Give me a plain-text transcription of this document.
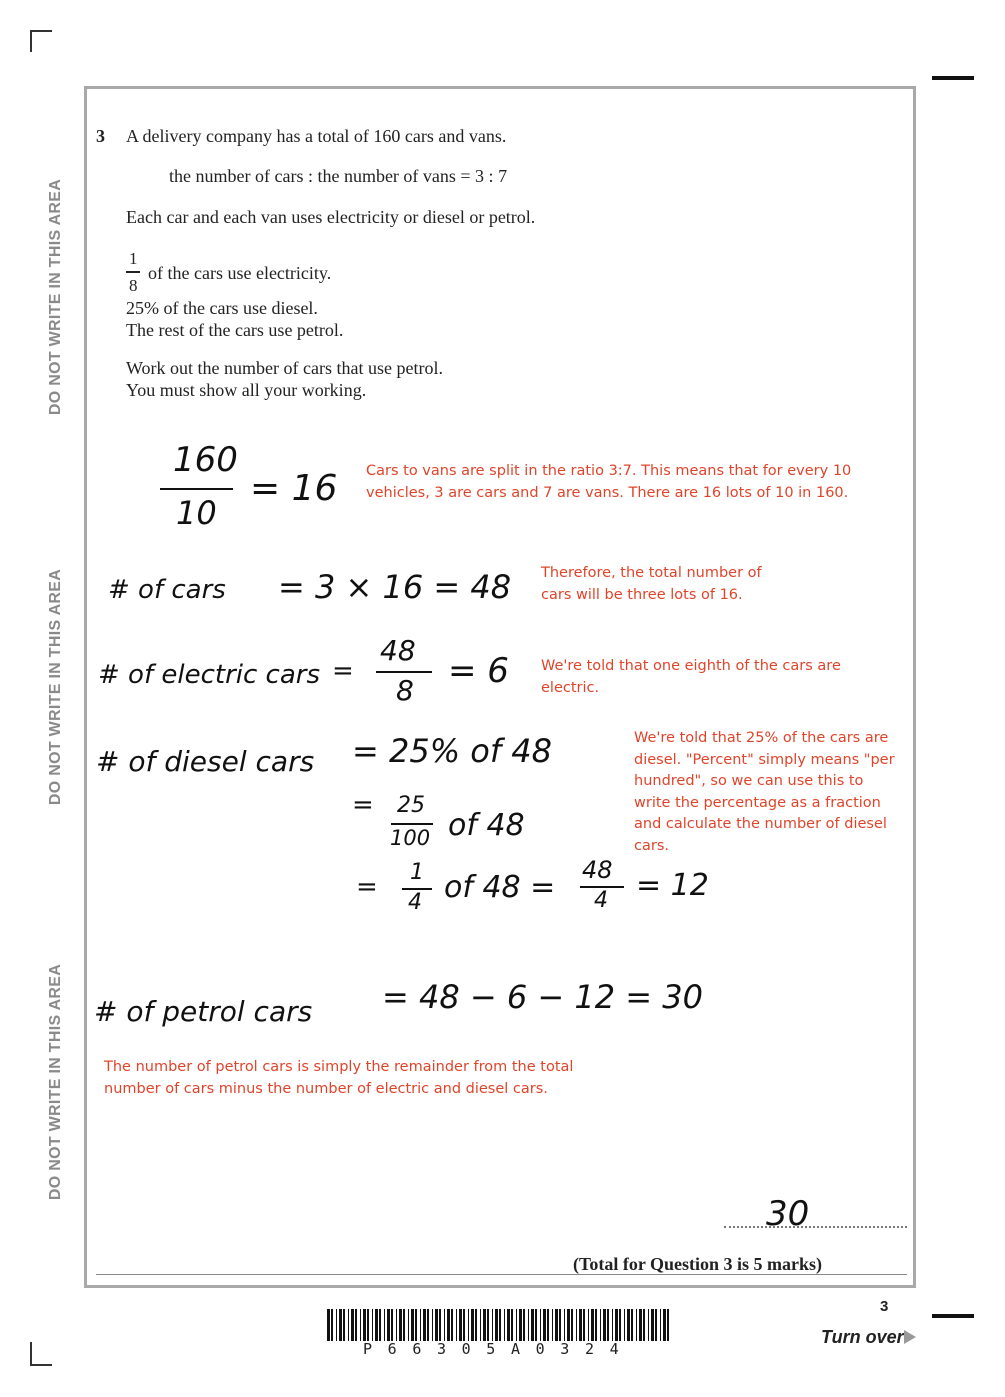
DO NOT WRITE IN THIS AREA
DO NOT WRITE IN THIS AREA
DO NOT WRITE IN THIS AREA
3 A delivery company has a total of 160 cars and vans.
the number of cars : the number of vans = 3 : 7
Each car and each van uses electricity or diesel or petrol.
1
8
of the cars use electricity.
25% of the cars use diesel.
The rest of the cars use petrol.
Work out the number of cars that use petrol.
You must show all your working.
160
10
= 16
# of cars = 3 × 16 = 48
# of electric cars =
48
8 = 6
# of diesel cars = 25% of 48
= 25
100 of 48
= 1
4 of 48 = 48
4 = 12
# of petrol cars = 48 − 6 − 12 = 30
Cars to vans are split in the ratio 3:7. This means that for every 10 vehicles, 3 are cars and 7 are vans. There are 16 lots of 10 in 160.
Therefore, the total number of cars will be three lots of 16.
We're told that one eighth of the cars are electric.
We're told that 25% of the cars are diesel. "Percent" simply means "per hundred", so we can use this to write the percentage as a fraction and calculate the number of diesel cars.
The number of petrol cars is simply the remainder from the total number of cars minus the number of electric and diesel cars.
30
(Total for Question 3 is 5 marks)
3
P 6 6 3 0 5 A 0 3 2 4
Turn over
